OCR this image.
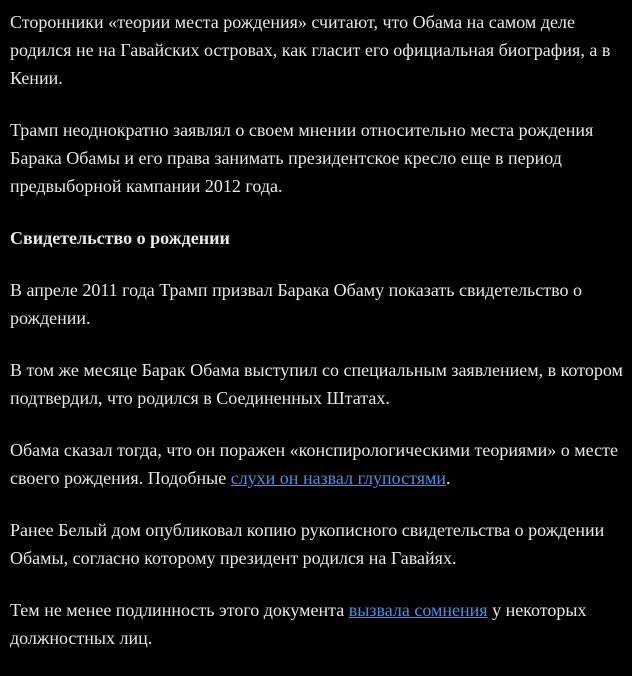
Сторонники «теории места рождения» считают, что Обама на самом деле родился не на Гавайских островах, как гласит его официальная биография, а в Кении.

Трамп неоднократно заявлял о своем мнении относительно места рождения Барака Обамы и его права занимать президентское кресло еще в период предвыборной кампании 2012 года.

Свидетельство о рождении

В апреле 2011 года Трамп призвал Барака Обаму показать свидетельство о рождении.

В том же месяце Барак Обама выступил со специальным заявлением, в котором подтвердил, что родился в Соединенных Штатах.

Обама сказал тогда, что он поражен «конспирологическими теориями» о месте своего рождения. Подобные слухи он назвал глупостями.

Ранее Белый дом опубликовал копию рукописного свидетельства о рождении Обамы, согласно которому президент родился на Гавайях.

Тем не менее подлинность этого документа вызвала сомнения у некоторых должностных лиц.
